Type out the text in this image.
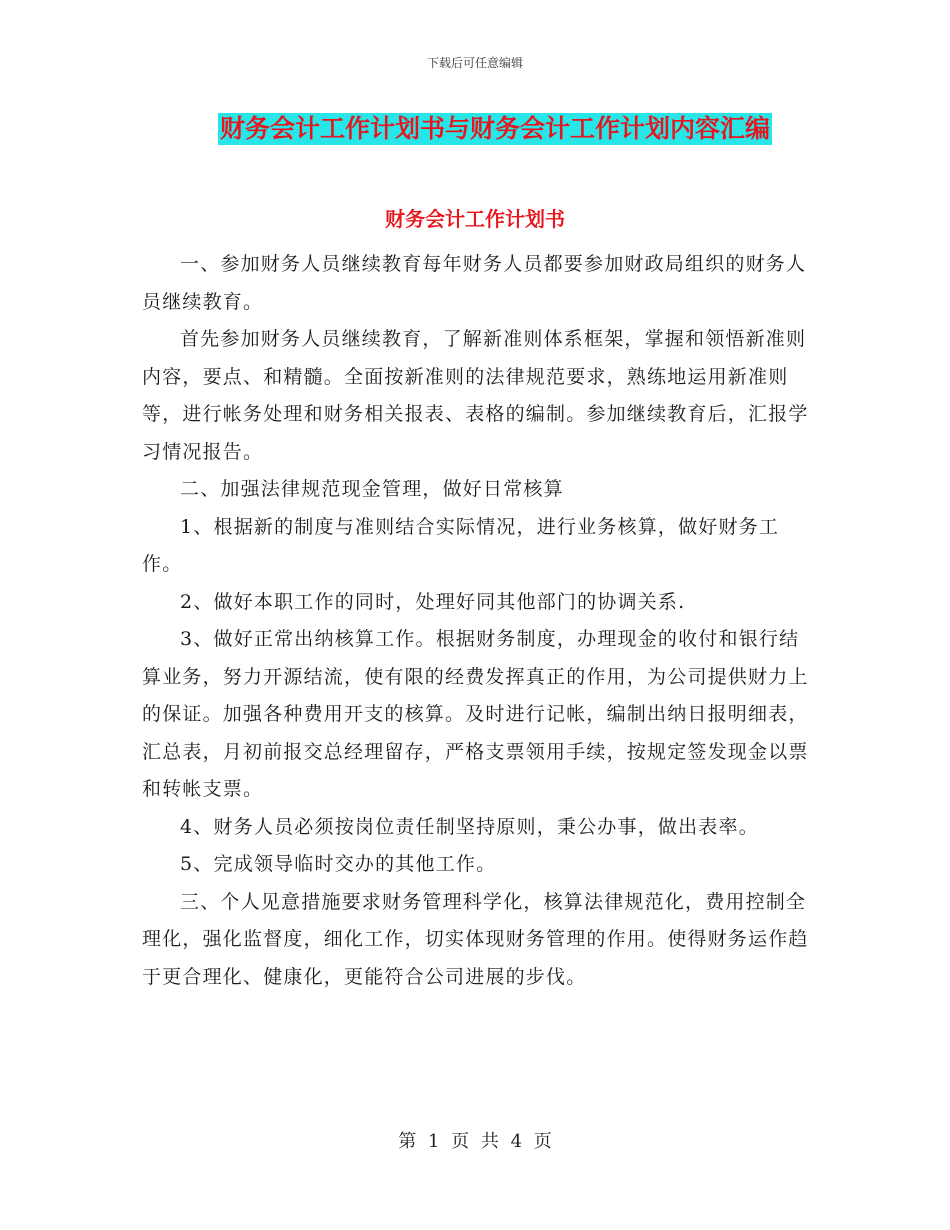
下载后可任意编辑
财务会计工作计划书与财务会计工作计划内容汇编
财务会计工作计划书

一、参加财务人员继续教育每年财务人员都要参加财政局组织的财务人员继续教育。

首先参加财务人员继续教育，了解新准则体系框架，掌握和领悟新准则内容，要点、和精髓。全面按新准则的法律规范要求，熟练地运用新准则等，进行帐务处理和财务相关报表、表格的编制。参加继续教育后，汇报学习情况报告。

二、加强法律规范现金管理，做好日常核算

1、根据新的制度与准则结合实际情况，进行业务核算，做好财务工作。

2、做好本职工作的同时，处理好同其他部门的协调关系.

3、做好正常出纳核算工作。根据财务制度，办理现金的收付和银行结算业务，努力开源结流，使有限的经费发挥真正的作用，为公司提供财力上的保证。加强各种费用开支的核算。及时进行记帐，编制出纳日报明细表，汇总表，月初前报交总经理留存，严格支票领用手续，按规定签发现金以票和转帐支票。

4、财务人员必须按岗位责任制坚持原则，秉公办事，做出表率。

5、完成领导临时交办的其他工作。

三、个人见意措施要求财务管理科学化，核算法律规范化，费用控制全理化，强化监督度，细化工作，切实体现财务管理的作用。使得财务运作趋于更合理化、健康化，更能符合公司进展的步伐。

第 1 页 共 4 页
